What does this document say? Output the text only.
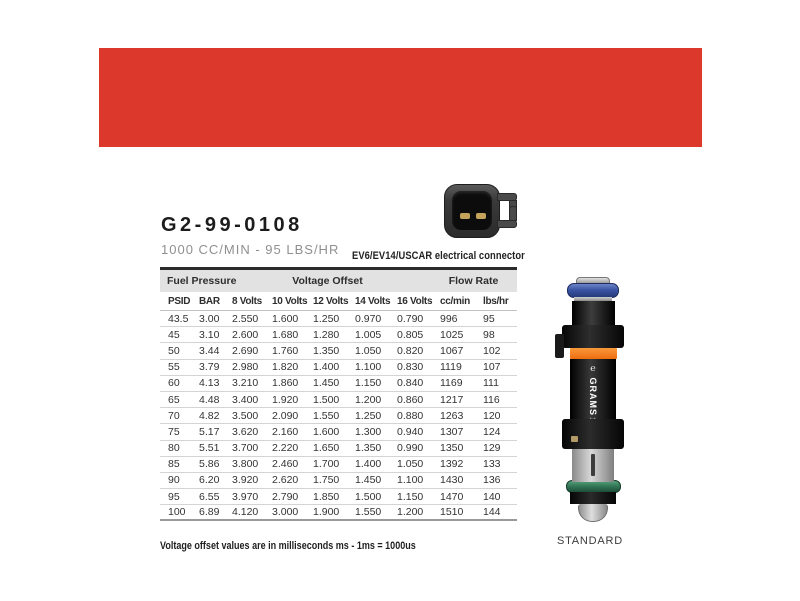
1000 CC/MIN STANDARD
G2-99-0108
1000 CC/MIN - 95 LBS/HR EV6/EV14/USCAR electrical connector
Fuel Pressure	Voltage Offset	Flow Rate
PSID BAR	8 Volts	10 Volts 12 Volts 14 Volts 16 Volts cc/min	lbs/hr
43.5	3.00	2.550	1.600	1.250	0.970	0.790	996	95
45	3.10	2.600	1.680	1.280	1.005	0.805	1025	98
50	3.44	2.690	1.760	1.350	1.050	0.820	1067	102
55	3.79	2.980	1.820	1.400	1.100	0.830	1119	107
60	4.13	3.210	1.860	1.450	1.150	0.840	1169	111
65	4.48	3.400	1.920	1.500	1.200	0.860	1217	116
70	4.82	3.500	2.090	1.550	1.250	0.880	1263	120
75	5.17	3.620	2.160	1.600	1.300	0.940	1307	124
80	5.51	3.700	2.220	1.650	1.350	0.990	1350	129
85	5.86	3.800	2.460	1.700	1.400	1.050	1392	133
90	6.20	3.920	2.620	1.750	1.450	1.100	1430	136
95	6.55	3.970	2.790	1.850	1.500	1.150	1470	140
100	6.89	4.120	3.000	1.900	1.550	1.200	1510	144
Voltage offset values are in milliseconds ms - 1ms = 1000us
℮ GRAMS
STANDARD
